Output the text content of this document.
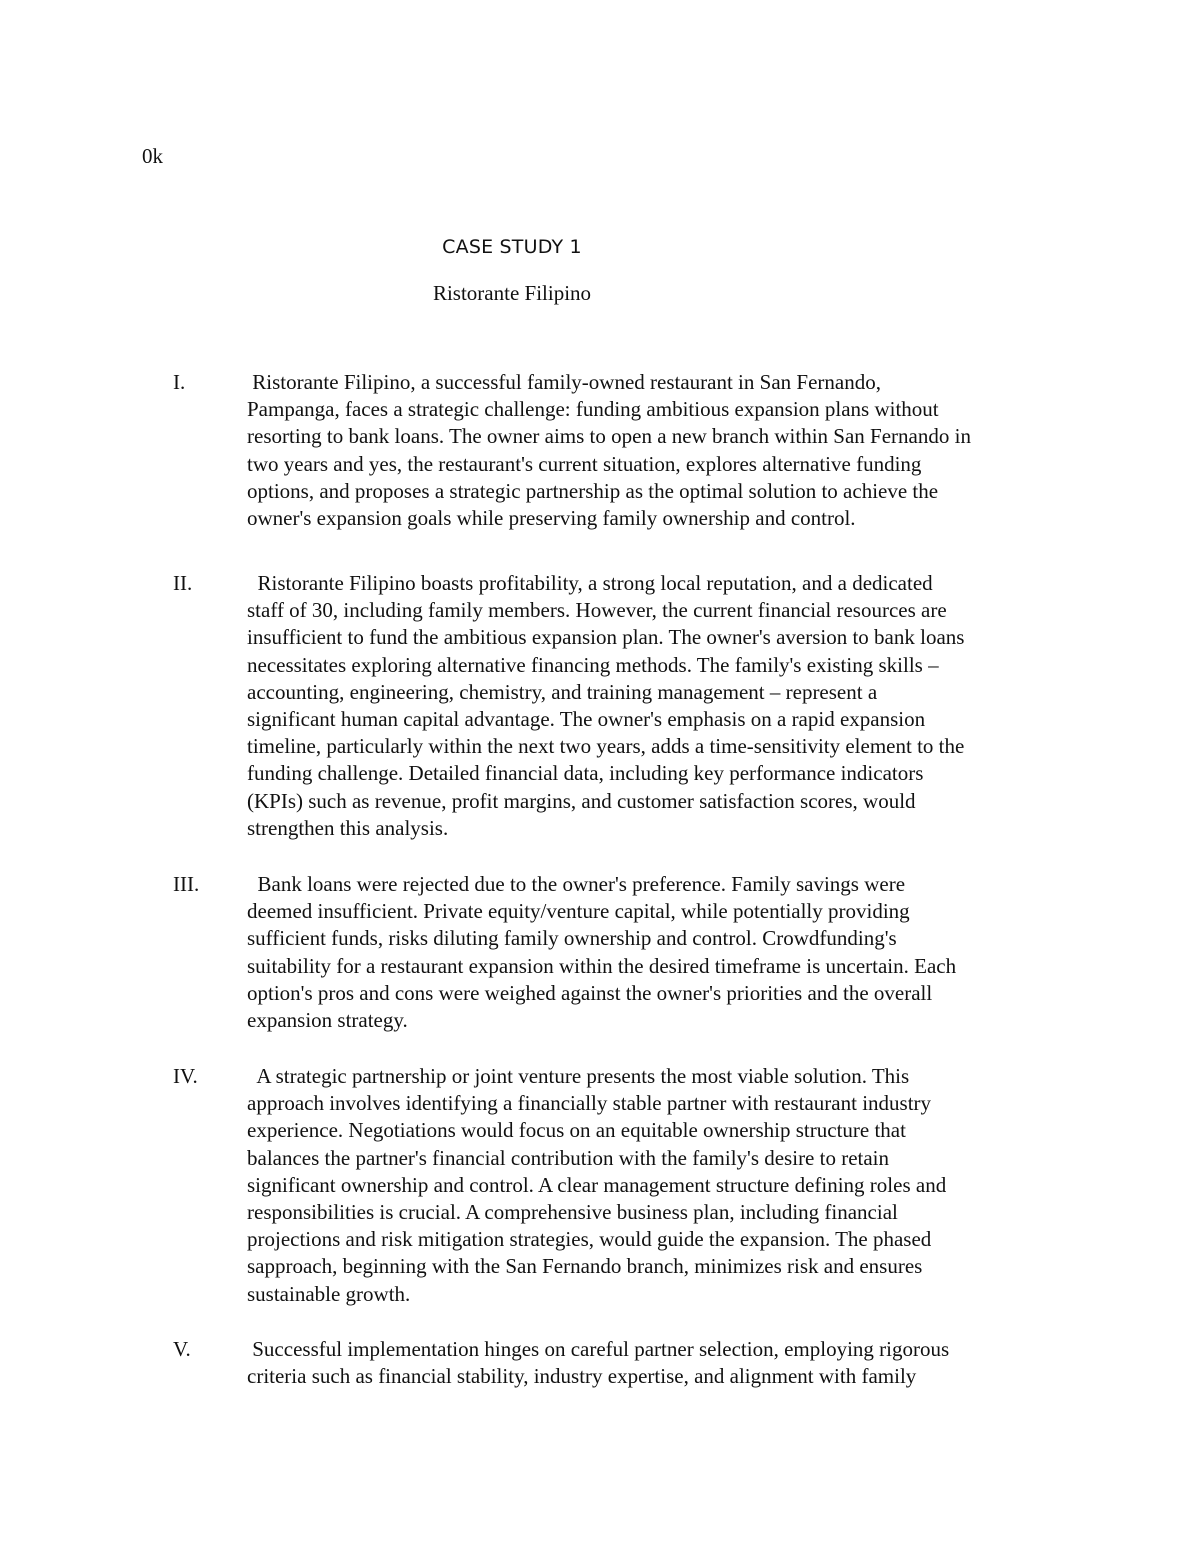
0k
CASE STUDY 1
Ristorante Filipino
I.	Ristorante Filipino, a successful family-owned restaurant in San Fernando,
Pampanga, faces a strategic challenge: funding ambitious expansion plans without
resorting to bank loans. The owner aims to open a new branch within San Fernando in
two years and yes, the restaurant's current situation, explores alternative funding
options, and proposes a strategic partnership as the optimal solution to achieve the
owner's expansion goals while preserving family ownership and control.
II.	Ristorante Filipino boasts profitability, a strong local reputation, and a dedicated
staff of 30, including family members. However, the current financial resources are
insufficient to fund the ambitious expansion plan. The owner's aversion to bank loans
necessitates exploring alternative financing methods. The family's existing skills –
accounting, engineering, chemistry, and training management – represent a
significant human capital advantage. The owner's emphasis on a rapid expansion
timeline, particularly within the next two years, adds a time-sensitivity element to the
funding challenge. Detailed financial data, including key performance indicators
(KPIs) such as revenue, profit margins, and customer satisfaction scores, would
strengthen this analysis.
III. Bank loans were rejected due to the owner's preference. Family savings were
deemed insufficient. Private equity/venture capital, while potentially providing
sufficient funds, risks diluting family ownership and control. Crowdfunding's
suitability for a restaurant expansion within the desired timeframe is uncertain. Each
option's pros and cons were weighed against the owner's priorities and the overall
expansion strategy.
IV. A strategic partnership or joint venture presents the most viable solution. This
approach involves identifying a financially stable partner with restaurant industry
experience. Negotiations would focus on an equitable ownership structure that
balances the partner's financial contribution with the family's desire to retain
significant ownership and control. A clear management structure defining roles and
responsibilities is crucial. A comprehensive business plan, including financial
projections and risk mitigation strategies, would guide the expansion. The phased
sapproach, beginning with the San Fernando branch, minimizes risk and ensures
sustainable growth.
V.	Successful implementation hinges on careful partner selection, employing rigorous
criteria such as financial stability, industry expertise, and alignment with family
